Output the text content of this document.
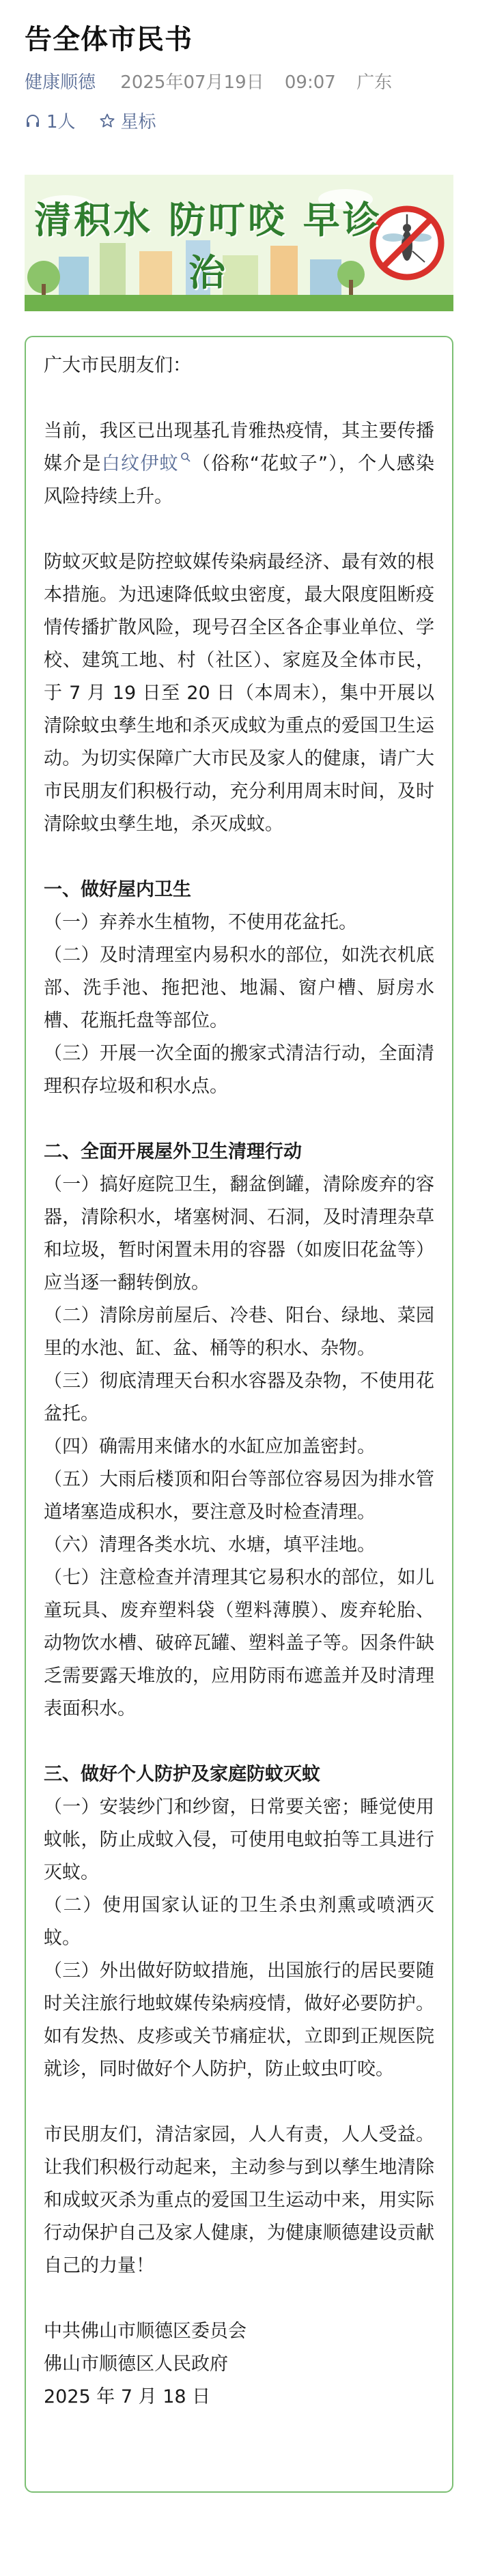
告全体市民书
健康顺德 2025年07月19日 09:07 广东
1人	星标
清积水 防叮咬 早诊治

广大市民朋友们：

当前，我区已出现基孔肯雅热疫情，其主要传播媒介是白纹伊蚊 （俗称“花蚊子”），个人感染风险持续上升。

防蚊灭蚊是防控蚊媒传染病最经济、最有效的根本措施。为迅速降低蚊虫密度，最大限度阻断疫情传播扩散风险，现号召全区各企事业单位、学校、建筑工地、村（社区）、家庭及全体市民，于 7 月 19 日至 20 日（本周末），集中开展以清除蚊虫孳生地和杀灭成蚊为重点的爱国卫生运动。为切实保障广大市民及家人的健康，请广大市民朋友们积极行动，充分利用周末时间，及时清除蚊虫孳生地，杀灭成蚊。

一、做好屋内卫生

（一）弃养水生植物，不使用花盆托。

（二）及时清理室内易积水的部位，如洗衣机底部、洗手池、拖把池、地漏、窗户槽、厨房水槽、花瓶托盘等部位。

（三）开展一次全面的搬家式清洁行动，全面清理积存垃圾和积水点。

二、全面开展屋外卫生清理行动

（一）搞好庭院卫生，翻盆倒罐，清除废弃的容器，清除积水，堵塞树洞、石洞，及时清理杂草和垃圾，暂时闲置未用的容器（如废旧花盆等）应当逐一翻转倒放。

（二）清除房前屋后、冷巷、阳台、绿地、菜园里的水池、缸、盆、桶等的积水、杂物。

（三）彻底清理天台积水容器及杂物，不使用花盆托。

（四）确需用来储水的水缸应加盖密封。

（五）大雨后楼顶和阳台等部位容易因为排水管道堵塞造成积水，要注意及时检查清理。

（六）清理各类水坑、水塘，填平洼地。

（七）注意检查并清理其它易积水的部位，如儿童玩具、废弃塑料袋（塑料薄膜）、废弃轮胎、动物饮水槽、破碎瓦罐、塑料盖子等。因条件缺乏需要露天堆放的，应用防雨布遮盖并及时清理表面积水。

三、做好个人防护及家庭防蚊灭蚊

（一）安装纱门和纱窗，日常要关密；睡觉使用蚊帐，防止成蚊入侵，可使用电蚊拍等工具进行灭蚊。

（二）使用国家认证的卫生杀虫剂熏或喷洒灭蚊。

（三）外出做好防蚊措施，出国旅行的居民要随时关注旅行地蚊媒传染病疫情，做好必要防护。如有发热、皮疹或关节痛症状，立即到正规医院就诊，同时做好个人防护，防止蚊虫叮咬。

市民朋友们，清洁家园，人人有责，人人受益。让我们积极行动起来，主动参与到以孳生地清除和成蚊灭杀为重点的爱国卫生运动中来，用实际行动保护自己及家人健康，为健康顺德建设贡献自己的力量！

中共佛山市顺德区委员会

佛山市顺德区人民政府

2025 年 7 月 18 日
